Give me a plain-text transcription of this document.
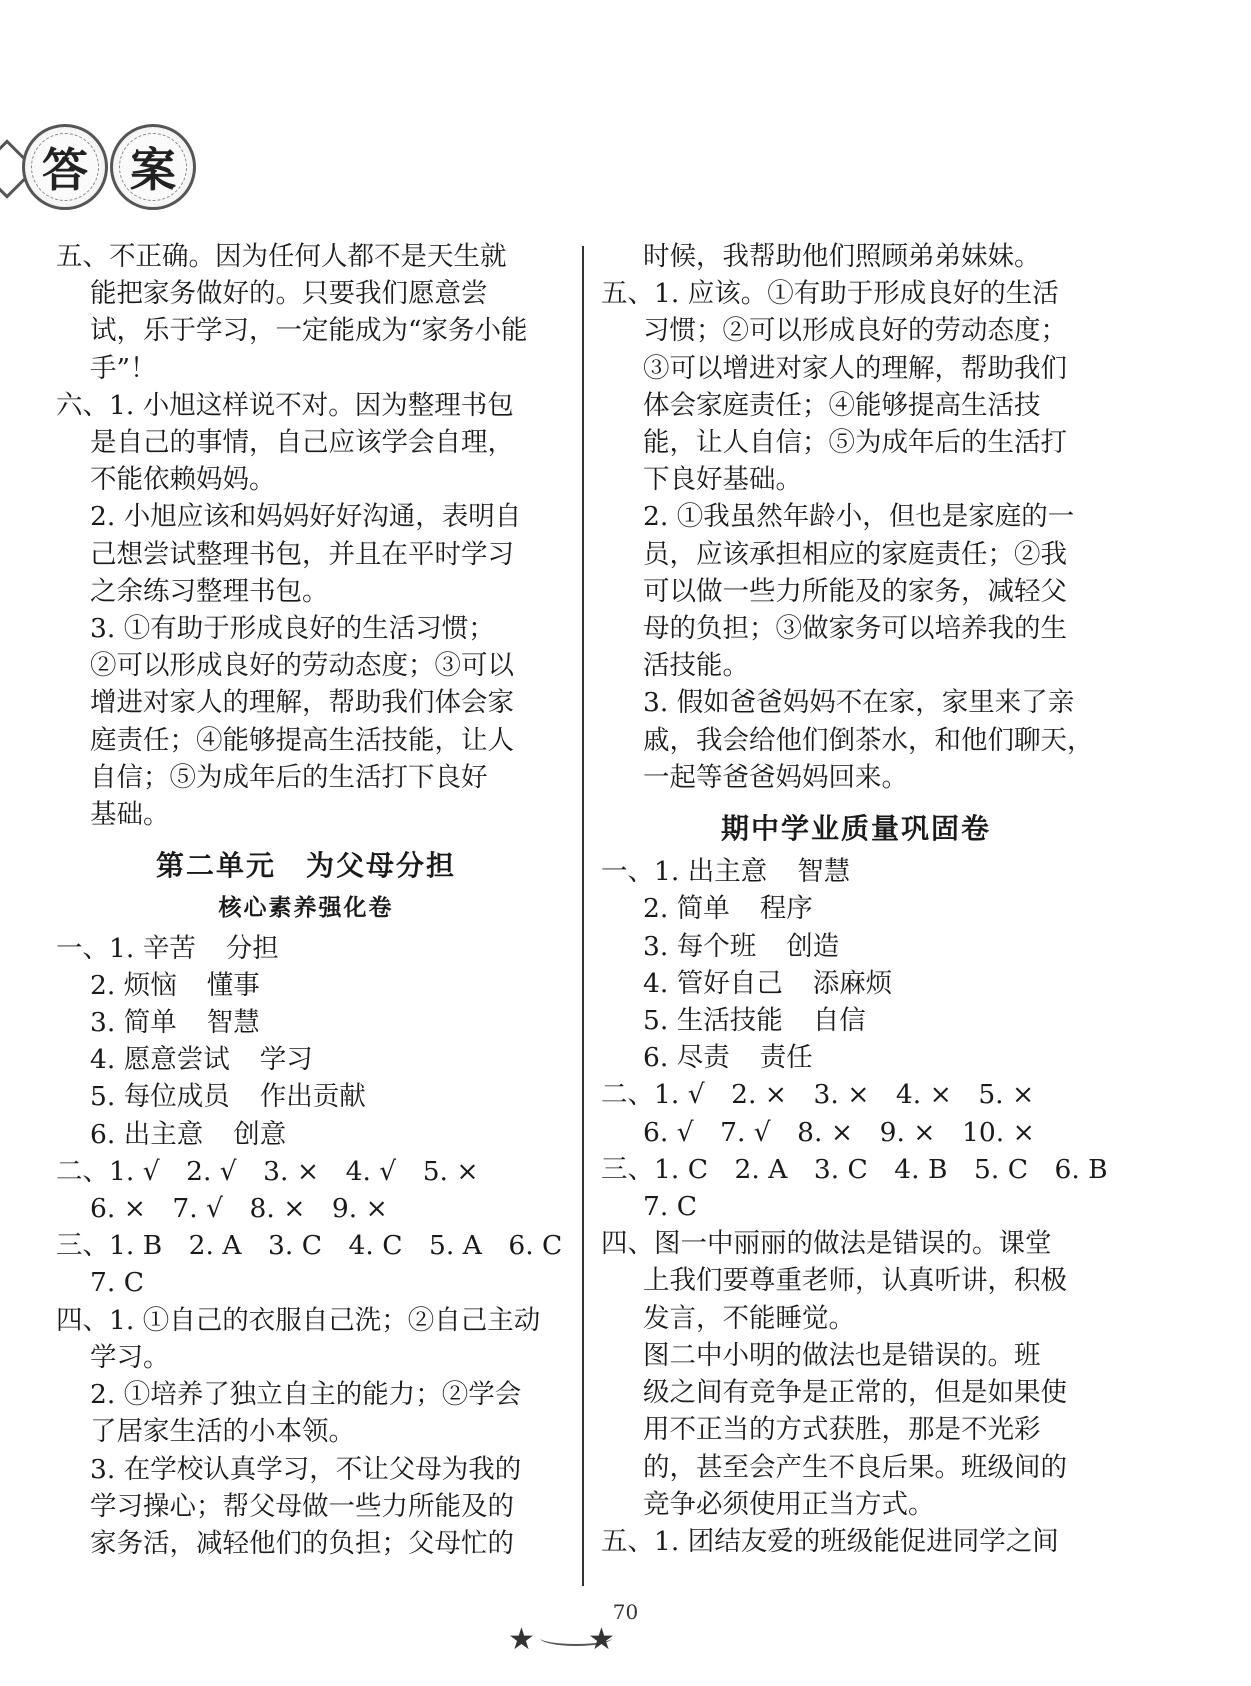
答 案
五、不正确。因为任何人都不是天生就
能把家务做好的。只要我们愿意尝
试，乐于学习，一定能成为“家务小能
手”！
六、1. 小旭这样说不对。因为整理书包
是自己的事情，自己应该学会自理，
不能依赖妈妈。
2. 小旭应该和妈妈好好沟通，表明自
己想尝试整理书包，并且在平时学习
之余练习整理书包。
3. ①有助于形成良好的生活习惯；
②可以形成良好的劳动态度；③可以
增进对家人的理解，帮助我们体会家
庭责任；④能够提高生活技能，让人
自信；⑤为成年后的生活打下良好
基础。
第二单元　为父母分担
核心素养强化卷
一、1. 辛苦 分担
2. 烦恼 懂事
3. 简单 智慧
4. 愿意尝试 学习
5. 每位成员 作出贡献
6. 出主意 创意
二、1. √　2. √　3. ×　4. √　5. ×
6. ×　7. √　8. ×　9. ×
三、1. B　2. A　3. C　4. C　5. A　6. C
7. C
四、1. ①自己的衣服自己洗；②自己主动
学习。
2. ①培养了独立自主的能力；②学会
了居家生活的小本领。
3. 在学校认真学习，不让父母为我的
学习操心；帮父母做一些力所能及的
家务活，减轻他们的负担；父母忙的
时候，我帮助他们照顾弟弟妹妹。
五、1. 应该。①有助于形成良好的生活
习惯；②可以形成良好的劳动态度；
③可以增进对家人的理解，帮助我们
体会家庭责任；④能够提高生活技
能，让人自信；⑤为成年后的生活打
下良好基础。
2. ①我虽然年龄小，但也是家庭的一
员，应该承担相应的家庭责任；②我
可以做一些力所能及的家务，减轻父
母的负担；③做家务可以培养我的生
活技能。
3. 假如爸爸妈妈不在家，家里来了亲
戚，我会给他们倒茶水，和他们聊天，
一起等爸爸妈妈回来。
期中学业质量巩固卷
一、1. 出主意 智慧
2. 简单 程序
3. 每个班 创造
4. 管好自己 添麻烦
5. 生活技能 自信
6. 尽责 责任
二、1. √　2. ×　3. ×　4. ×　5. ×
6. √　7. √　8. ×　9. ×　10. ×
三、1. C　2. A　3. C　4. B　5. C　6. B
7. C
四、图一中丽丽的做法是错误的。课堂
上我们要尊重老师，认真听讲，积极
发言，不能睡觉。
图二中小明的做法也是错误的。班
级之间有竞争是正常的，但是如果使
用不正当的方式获胜，那是不光彩
的，甚至会产生不良后果。班级间的
竞争必须使用正当方式。
五、1. 团结友爱的班级能促进同学之间
70
★ ★
